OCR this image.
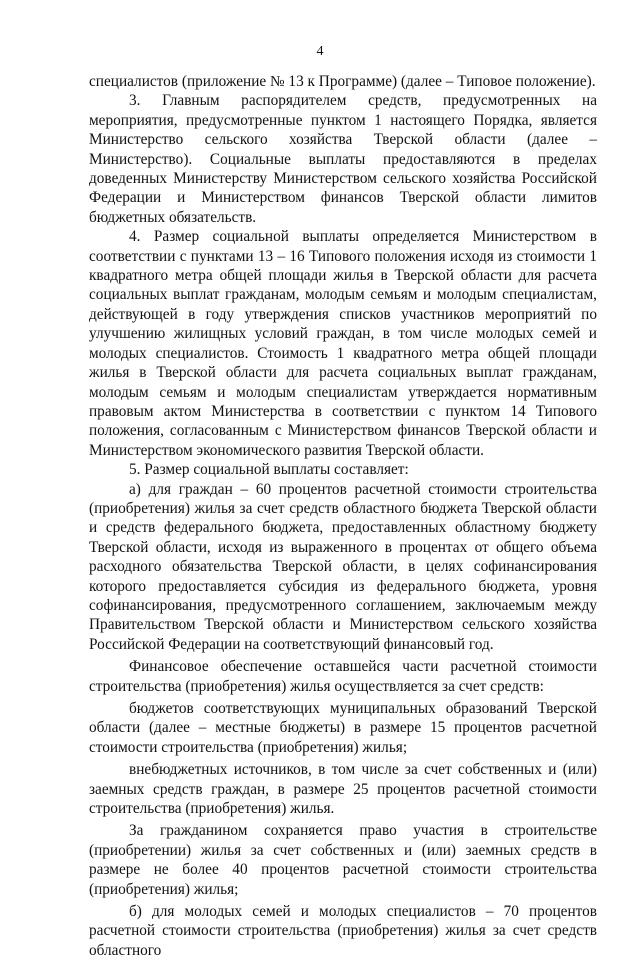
4

специалистов (приложение № 13 к Программе) (далее – Типовое положение).

3. Главным распорядителем средств, предусмотренных на мероприятия, предусмотренные пунктом 1 настоящего Порядка, является Министерство сельского хозяйства Тверской области (далее – Министерство). Социальные выплаты предоставляются в пределах доведенных Министерству Министерством сельского хозяйства Российской Федерации и Министерством финансов Тверской области лимитов бюджетных обязательств.

4. Размер социальной выплаты определяется Министерством в соответствии с пунктами 13 – 16 Типового положения исходя из стоимости 1 квадратного метра общей площади жилья в Тверской области для расчета социальных выплат гражданам, молодым семьям и молодым специалистам, действующей в году утверждения списков участников мероприятий по улучшению жилищных условий граждан, в том числе молодых семей и молодых специалистов. Стоимость 1 квадратного метра общей площади жилья в Тверской области для расчета социальных выплат гражданам, молодым семьям и молодым специалистам утверждается нормативным правовым актом Министерства в соответствии с пунктом 14 Типового положения, согласованным с Министерством финансов Тверской области и Министерством экономического развития Тверской области.

5. Размер социальной выплаты составляет:

а) для граждан – 60 процентов расчетной стоимости строительства (приобретения) жилья за счет средств областного бюджета Тверской области и средств федерального бюджета, предоставленных областному бюджету Тверской области, исходя из выраженного в процентах от общего объема расходного обязательства Тверской области, в целях софинансирования которого предоставляется субсидия из федерального бюджета, уровня софинансирования, предусмотренного соглашением, заключаемым между Правительством Тверской области и Министерством сельского хозяйства Российской Федерации на соответствующий финансовый год.

Финансовое обеспечение оставшейся части расчетной стоимости строительства (приобретения) жилья осуществляется за счет средств:

бюджетов соответствующих муниципальных образований Тверской области (далее – местные бюджеты) в размере 15 процентов расчетной стоимости строительства (приобретения) жилья;

внебюджетных источников, в том числе за счет собственных и (или) заемных средств граждан, в размере 25 процентов расчетной стоимости строительства (приобретения) жилья.

За гражданином сохраняется право участия в строительстве (приобретении) жилья за счет собственных и (или) заемных средств в размере не более 40 процентов расчетной стоимости строительства (приобретения) жилья;

б) для молодых семей и молодых специалистов – 70 процентов расчетной стоимости строительства (приобретения) жилья за счет средств областного
